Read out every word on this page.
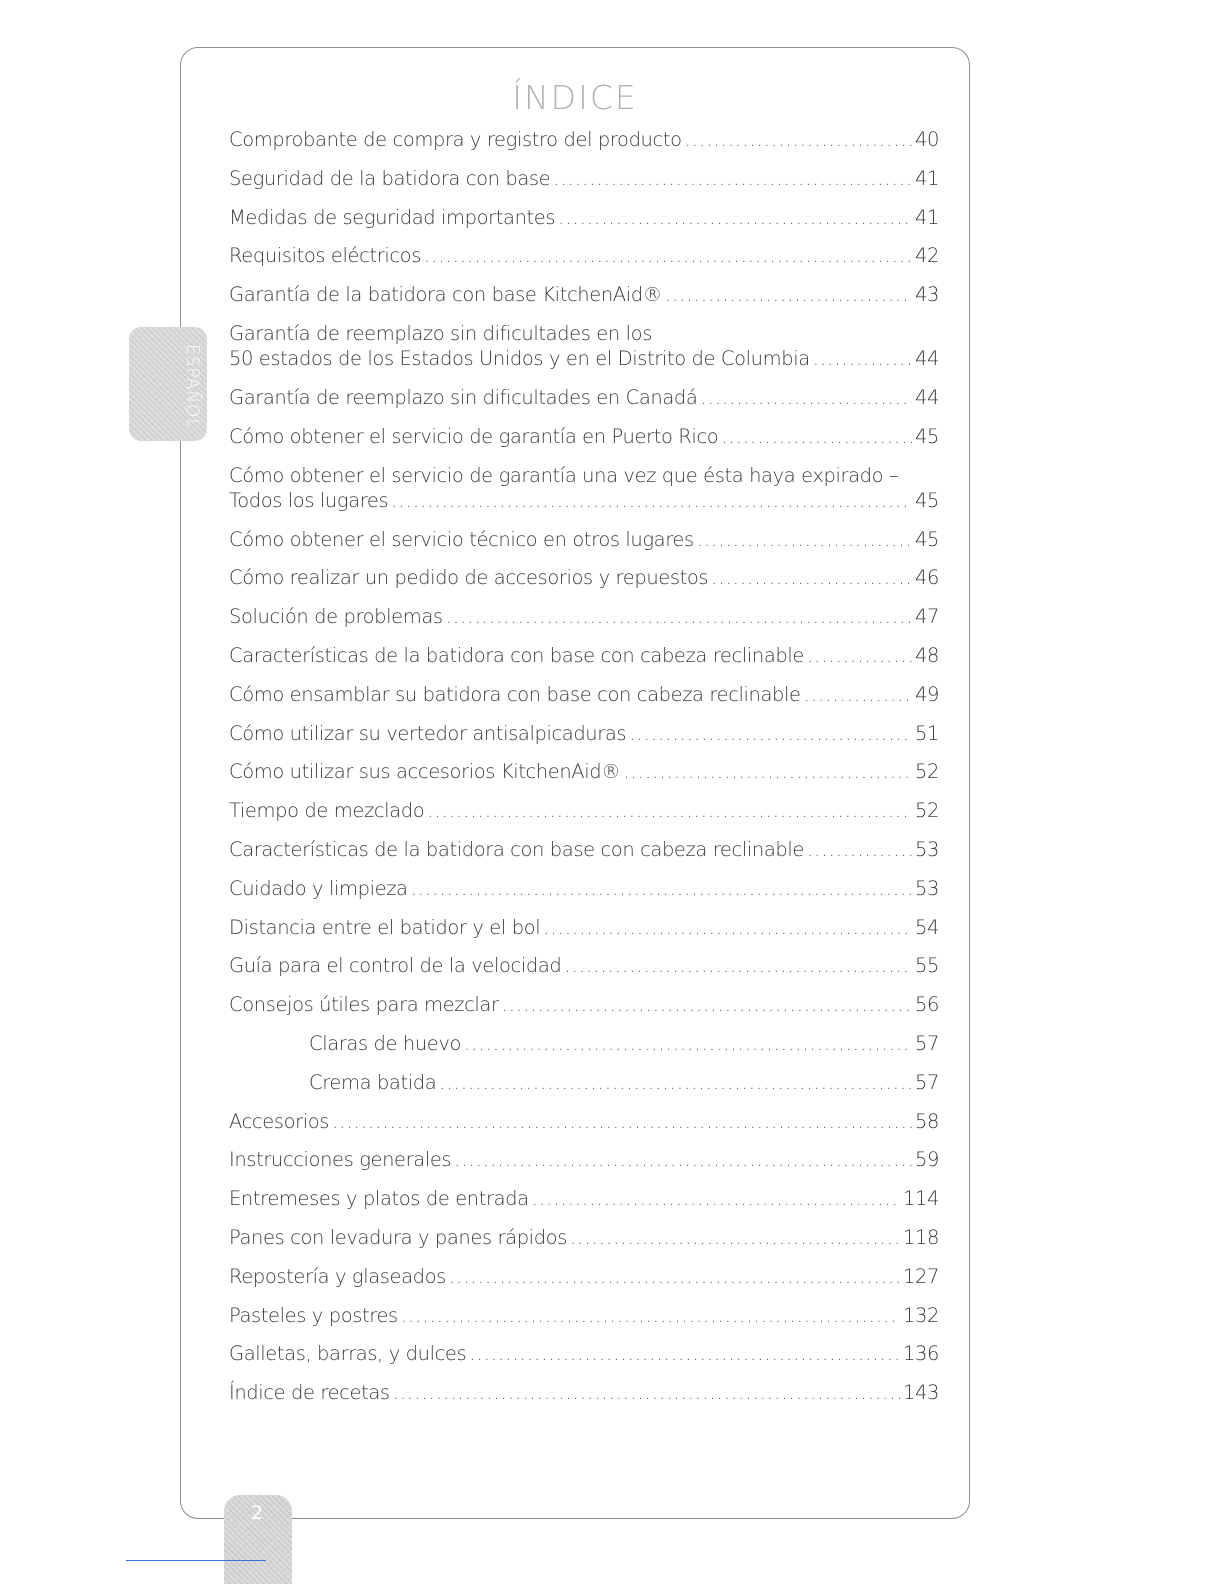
ÍNDICE
ESPAÑOL
Comprobante de compra y registro del producto .....	40
Seguridad de la batidora con base .....	41
Medidas de seguridad importantes .....	41
Requisitos eléctricos .....	42
Garantía de la batidora con base KitchenAid® .....	43
Garantía de reemplazo sin dificultades en los
50 estados de los Estados Unidos y en el Distrito de Columbia .....	44
Garantía de reemplazo sin dificultades en Canadá .....	44
Cómo obtener el servicio de garantía en Puerto Rico .....	45
Cómo obtener el servicio de garantía una vez que ésta haya expirado –
Todos los lugares .....	45
Cómo obtener el servicio técnico en otros lugares .....	45
Cómo realizar un pedido de accesorios y repuestos .....	46
Solución de problemas .....	47
Características de la batidora con base con cabeza reclinable .....	48
Cómo ensamblar su batidora con base con cabeza reclinable .....	49
Cómo utilizar su vertedor antisalpicaduras .....	51
Cómo utilizar sus accesorios KitchenAid® .....	52
Tiempo de mezclado .....	52
Características de la batidora con base con cabeza reclinable .....	53
Cuidado y limpieza .....	53
Distancia entre el batidor y el bol .....	54
Guía para el control de la velocidad .....	55
Consejos útiles para mezclar .....	56
Claras de huevo .....	57
Crema batida .....	57
Accesorios .....	58
Instrucciones generales .....	59
Entremeses y platos de entrada .....	114
Panes con levadura y panes rápidos .....	118
Repostería y glaseados .....	127
Pasteles y postres .....	132
Galletas, barras, y dulces .....	136
Índice de recetas .....	143
2
